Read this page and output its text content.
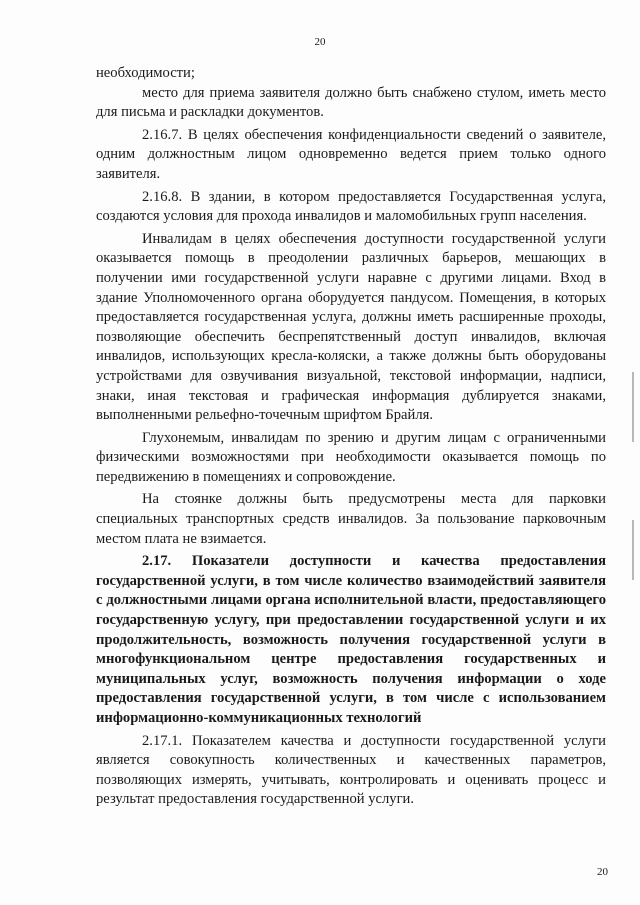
20

необходимости;

место для приема заявителя должно быть снабжено стулом, иметь место для письма и раскладки документов.

2.16.7. В целях обеспечения конфиденциальности сведений о заявителе, одним должностным лицом одновременно ведется прием только одного заявителя.

2.16.8. В здании, в котором предоставляется Государственная услуга, создаются условия для прохода инвалидов и маломобильных групп населения.

Инвалидам в целях обеспечения доступности государственной услуги оказывается помощь в преодолении различных барьеров, мешающих в получении ими государственной услуги наравне с другими лицами. Вход в здание Уполномоченного органа оборудуется пандусом. Помещения, в которых предоставляется государственная услуга, должны иметь расширенные проходы, позволяющие обеспечить беспрепятственный доступ инвалидов, включая инвалидов, использующих кресла-коляски, а также должны быть оборудованы устройствами для озвучивания визуальной, текстовой информации, надписи, знаки, иная текстовая и графическая информация дублируется знаками, выполненными рельефно-точечным шрифтом Брайля.

Глухонемым, инвалидам по зрению и другим лицам с ограниченными физическими возможностями при необходимости оказывается помощь по передвижению в помещениях и сопровождение.

На стоянке должны быть предусмотрены места для парковки специальных транспортных средств инвалидов. За пользование парковочным местом плата не взимается.

2.17. Показатели доступности и качества предоставления государственной услуги, в том числе количество взаимодействий заявителя с должностными лицами органа исполнительной власти, предоставляющего государственную услугу, при предоставлении государственной услуги и их продолжительность, возможность получения государственной услуги в многофункциональном центре предоставления государственных и муниципальных услуг, возможность получения информации о ходе предоставления государственной услуги, в том числе с использованием информационно-коммуникационных технологий

2.17.1. Показателем качества и доступности государственной услуги является совокупность количественных и качественных параметров, позволяющих измерять, учитывать, контролировать и оценивать процесс и результат предоставления государственной услуги.

20
